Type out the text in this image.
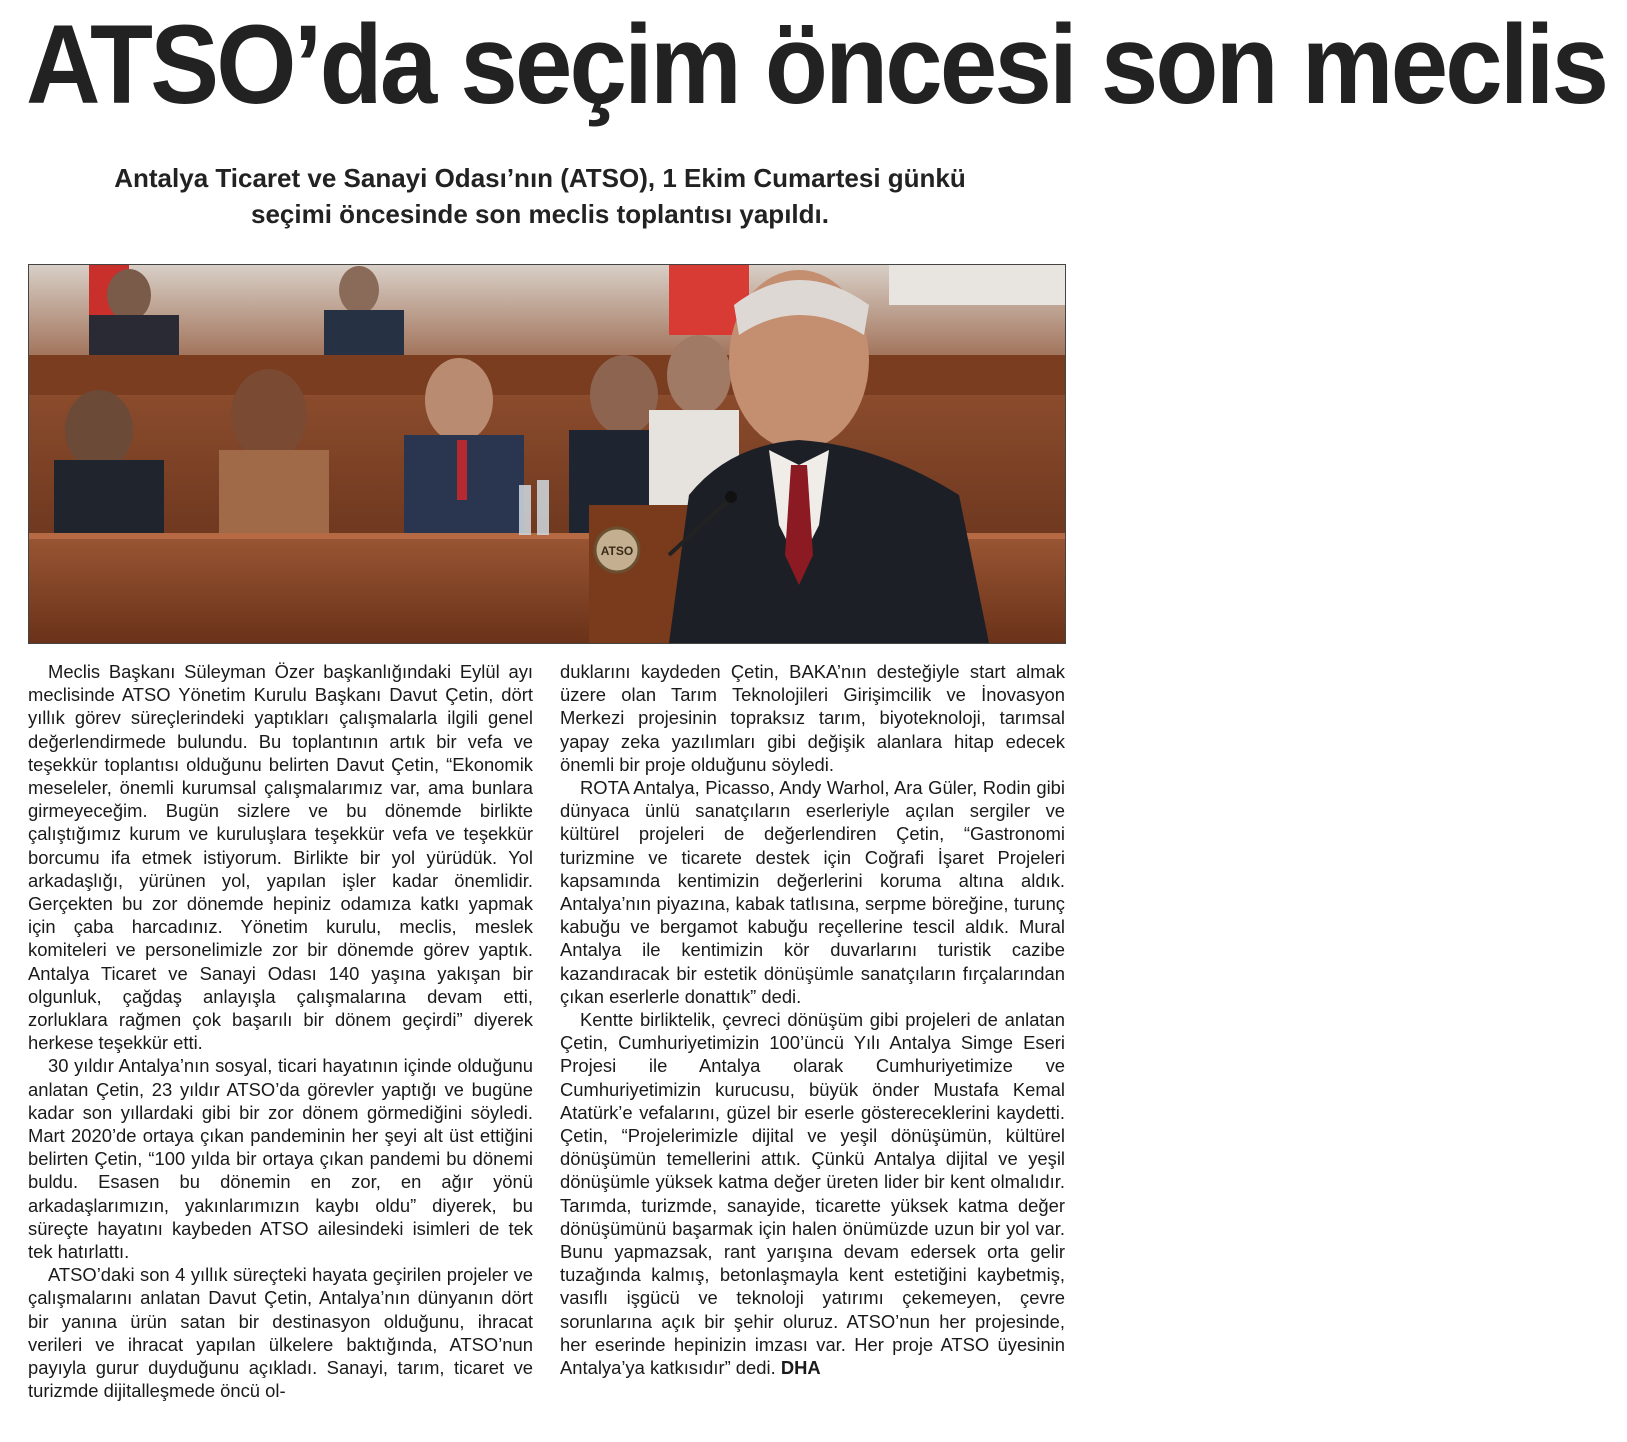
ATSO’da seçim öncesi son meclis
Antalya Ticaret ve Sanayi Odası’nın (ATSO), 1 Ekim Cumartesi günkü
seçimi öncesinde son meclis toplantısı yapıldı.
ATSO

Meclis Başkanı Süleyman Özer başkanlığındaki Eylül ayı meclisinde ATSO Yönetim Kurulu Başkanı Davut Çetin, dört yıllık görev süreçlerindeki yaptıkları çalışmalarla ilgili genel değerlendirmede bulundu. Bu toplantının artık bir vefa ve teşekkür toplantısı olduğunu belirten Davut Çetin, “Ekonomik meseleler, önemli kurumsal çalışmalarımız var, ama bunlara girmeyeceğim. Bugün sizlere ve bu dönemde birlikte çalıştığımız kurum ve kuruluşlara teşekkür vefa ve teşekkür borcumu ifa etmek istiyorum. Birlikte bir yol yürüdük. Yol arkadaşlığı, yürünen yol, yapılan işler kadar önemlidir. Gerçekten bu zor dönemde hepiniz odamıza katkı yapmak için çaba harcadınız. Yönetim kurulu, meclis, meslek komiteleri ve personelimizle zor bir dönemde görev yaptık. Antalya Ticaret ve Sanayi Odası 140 yaşına yakışan bir olgunluk, çağdaş anlayışla çalışmalarına devam etti, zorluklara rağmen çok başarılı bir dönem geçirdi” diyerek herkese teşekkür etti.

30 yıldır Antalya’nın sosyal, ticari hayatının içinde olduğunu anlatan Çetin, 23 yıldır ATSO’da görevler yaptığı ve bugüne kadar son yıllardaki gibi bir zor dönem görmediğini söyledi. Mart 2020’de ortaya çıkan pandeminin her şeyi alt üst ettiğini belirten Çetin, “100 yılda bir ortaya çıkan pandemi bu dönemi buldu. Esasen bu dönemin en zor, en ağır yönü arkadaşlarımızın, yakınlarımızın kaybı oldu” diyerek, bu süreçte hayatını kaybeden ATSO ailesindeki isimleri de tek tek hatırlattı.

ATSO’daki son 4 yıllık süreçteki hayata geçirilen projeler ve çalışmalarını anlatan Davut Çetin, Antalya’nın dünyanın dört bir yanına ürün satan bir destinasyon olduğunu, ihracat verileri ve ihracat yapılan ülkelere baktığında, ATSO’nun payıyla gurur duyduğunu açıkladı. Sanayi, tarım, ticaret ve turizmde dijitalleşmede öncü ol-

duklarını kaydeden Çetin, BAKA’nın desteğiyle start almak üzere olan Tarım Teknolojileri Girişimcilik ve İnovasyon Merkezi projesinin topraksız tarım, biyoteknoloji, tarımsal yapay zeka yazılımları gibi değişik alanlara hitap edecek önemli bir proje olduğunu söyledi.

ROTA Antalya, Picasso, Andy Warhol, Ara Güler, Rodin gibi dünyaca ünlü sanatçıların eserleriyle açılan sergiler ve kültürel projeleri de değerlendiren Çetin, “Gastronomi turizmine ve ticarete destek için Coğrafi İşaret Projeleri kapsamında kentimizin değerlerini koruma altına aldık. Antalya’nın piyazına, kabak tatlısına, serpme böreğine, turunç kabuğu ve bergamot kabuğu reçellerine tescil aldık. Mural Antalya ile kentimizin kör duvarlarını turistik cazibe kazandıracak bir estetik dönüşümle sanatçıların fırçalarından çıkan eserlerle donattık” dedi.

Kentte birliktelik, çevreci dönüşüm gibi projeleri de anlatan Çetin, Cumhuriyetimizin 100’üncü Yılı Antalya Simge Eseri Projesi ile Antalya olarak Cumhuriyetimize ve Cumhuriyetimizin kurucusu, büyük önder Mustafa Kemal Atatürk’e vefalarını, güzel bir eserle göstereceklerini kaydetti. Çetin, “Projelerimizle dijital ve yeşil dönüşümün, kültürel dönüşümün temellerini attık. Çünkü Antalya dijital ve yeşil dönüşümle yüksek katma değer üreten lider bir kent olmalıdır. Tarımda, turizmde, sanayide, ticarette yüksek katma değer dönüşümünü başarmak için halen önümüzde uzun bir yol var. Bunu yapmazsak, rant yarışına devam edersek orta gelir tuzağında kalmış, betonlaşmayla kent estetiğini kaybetmiş, vasıflı işgücü ve teknoloji yatırımı çekemeyen, çevre sorunlarına açık bir şehir oluruz. ATSO’nun her projesinde, her eserinde hepinizin imzası var. Her proje ATSO üyesinin Antalya’ya katkısıdır” dedi. DHA
